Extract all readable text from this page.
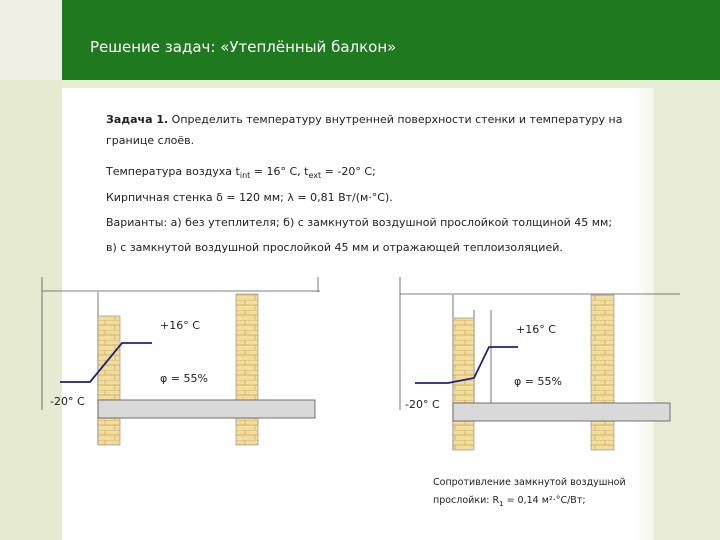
Решение задач: «Утеплённый балкон»
Задача 1. Определить температуру внутренней поверхности стенки и температуру на
границе слоёв.
Температура воздуха $t_{int} = 16^\circ$ С, $t_{ext} = -20^\circ$ С;
Кирпичная стенка δ = 120 мм; λ = 0,81 Вт/(м·°С).
Варианты: а) без утеплителя; б) с замкнутой воздушной прослойкой толщиной 45 мм;
в) с замкнутой воздушной прослойкой 45 мм и отражающей теплоизоляцией.
+16° С
φ = 55%
-20° С
+16° С
φ = 55%
-20° С
Сопротивление замкнутой воздушной
прослойки: $R_1 = 0,14$ м²·°С/Вт;
